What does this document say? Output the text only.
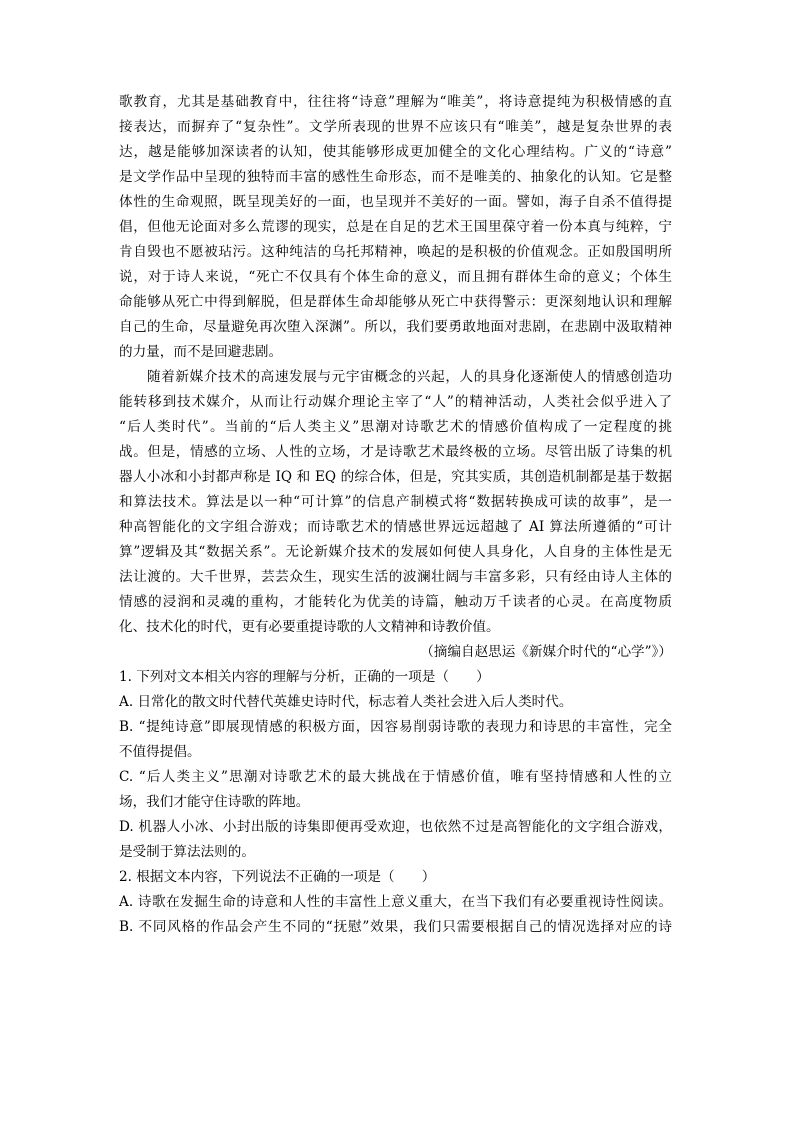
歌教育，尤其是基础教育中，往往将“诗意”理解为“唯美”，将诗意提纯为积极情感的直
接表达，而摒弃了“复杂性”。文学所表现的世界不应该只有“唯美”，越是复杂世界的表
达，越是能够加深读者的认知，使其能够形成更加健全的文化心理结构。广义的“诗意”
是文学作品中呈现的独特而丰富的感性生命形态，而不是唯美的、抽象化的认知。它是整
体性的生命观照，既呈现美好的一面，也呈现并不美好的一面。譬如，海子自杀不值得提
倡，但他无论面对多么荒谬的现实，总是在自足的艺术王国里葆守着一份本真与纯粹，宁
肯自毁也不愿被玷污。这种纯洁的乌托邦精神，唤起的是积极的价值观念。正如殷国明所
说，对于诗人来说，“死亡不仅具有个体生命的意义，而且拥有群体生命的意义；个体生
命能够从死亡中得到解脱，但是群体生命却能够从死亡中获得警示：更深刻地认识和理解
自己的生命，尽量避免再次堕入深渊”。所以，我们要勇敢地面对悲剧，在悲剧中汲取精神
的力量，而不是回避悲剧。
随着新媒介技术的高速发展与元宇宙概念的兴起，人的具身化逐渐使人的情感创造功
能转移到技术媒介，从而让行动媒介理论主宰了“人”的精神活动，人类社会似乎进入了
“后人类时代”。当前的“后人类主义”思潮对诗歌艺术的情感价值构成了一定程度的挑
战。但是，情感的立场、人性的立场，才是诗歌艺术最终极的立场。尽管出版了诗集的机
器人小冰和小封都声称是 IQ 和 EQ 的综合体，但是，究其实质，其创造机制都是基于数据
和算法技术。算法是以一种“可计算”的信息产制模式将“数据转换成可读的故事”，是一
种高智能化的文字组合游戏；而诗歌艺术的情感世界远远超越了 AI 算法所遵循的“可计
算”逻辑及其“数据关系”。无论新媒介技术的发展如何使人具身化，人自身的主体性是无
法让渡的。大千世界，芸芸众生，现实生活的波澜壮阔与丰富多彩，只有经由诗人主体的
情感的浸润和灵魂的重构，才能转化为优美的诗篇，触动万千读者的心灵。在高度物质
化、技术化的时代，更有必要重提诗歌的人文精神和诗教价值。
（摘编自赵思运《新媒介时代的“心学”》）
1. 下列对文本相关内容的理解与分析，正确的一项是（　　）
A. 日常化的散文时代替代英雄史诗时代，标志着人类社会进入后人类时代。
B. “提纯诗意”即展现情感的积极方面，因容易削弱诗歌的表现力和诗思的丰富性，完全
不值得提倡。
C. “后人类主义”思潮对诗歌艺术的最大挑战在于情感价值，唯有坚持情感和人性的立
场，我们才能守住诗歌的阵地。
D. 机器人小冰、小封出版的诗集即便再受欢迎，也依然不过是高智能化的文字组合游戏，
是受制于算法法则的。
2. 根据文本内容，下列说法不正确的一项是（　　）
A. 诗歌在发掘生命的诗意和人性的丰富性上意义重大，在当下我们有必要重视诗性阅读。
B. 不同风格的作品会产生不同的“抚慰”效果，我们只需要根据自己的情况选择对应的诗
